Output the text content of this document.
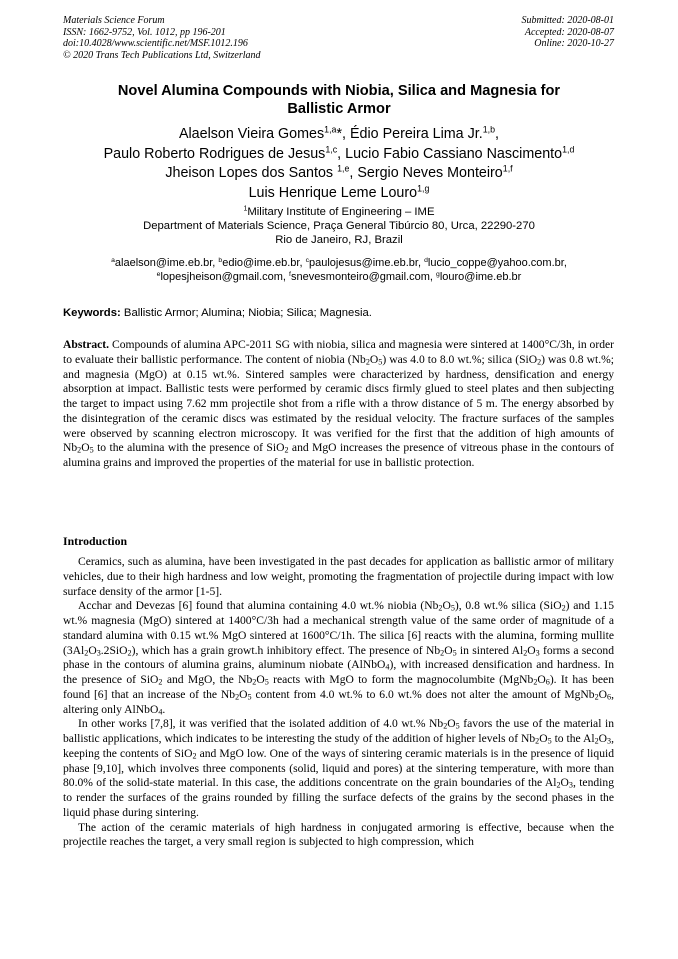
Materials Science Forum
ISSN: 1662-9752, Vol. 1012, pp 196-201
doi:10.4028/www.scientific.net/MSF.1012.196
© 2020 Trans Tech Publications Ltd, Switzerland
Submitted: 2020-08-01
Accepted: 2020-08-07
Online: 2020-10-27
Novel Alumina Compounds with Niobia, Silica and Magnesia for
Ballistic Armor
Alaelson Vieira Gomes$^{1,a}$*, Édio Pereira Lima Jr.$^{1,b}$,
Paulo Roberto Rodrigues de Jesus$^{1,c}$, Lucio Fabio Cassiano Nascimento$^{1,d}$
Jheison Lopes dos Santos $^{1,e}$, Sergio Neves Monteiro$^{1,f}$
Luis Henrique Leme Louro$^{1,g}$
$^1$Military Institute of Engineering – IME
Department of Materials Science, Praça General Tibúrcio 80, Urca, 22290-270
Rio de Janeiro, RJ, Brazil
$^a$alaelson@ime.eb.br, $^b$edio@ime.eb.br, $^c$paulojesus@ime.eb.br, $^d$lucio_coppe@yahoo.com.br,
$^e$lopesjheison@gmail.com, $^f$snevesmonteiro@gmail.com, $^g$louro@ime.eb.br
Keywords: Ballistic Armor; Alumina; Niobia; Silica; Magnesia.
Abstract. Compounds of alumina APC-2011 SG with niobia, silica and magnesia were sintered at 1400°C/3h, in order to evaluate their ballistic performance. The content of niobia $(Nb_2O_5)$ was 4.0 to 8.0 wt.%; silica (SiO$_2$) was 0.8 wt.%; and magnesia (MgO) at 0.15 wt.%. Sintered samples were characterized by hardness, densification and energy absorption at impact. Ballistic tests were performed by ceramic discs firmly glued to steel plates and then subjecting the target to impact using 7.62 mm projectile shot from a rifle with a throw distance of 5 m. The energy absorbed by the disintegration of the ceramic discs was estimated by the residual velocity. The fracture surfaces of the samples were observed by scanning electron microscopy. It was verified for the first that the addition of high amounts of $Nb_2O_5$ to the alumina with the presence of SiO$_2$ and MgO increases the presence of vitreous phase in the contours of alumina grains and improved the properties of the material for use in ballistic protection.
Introduction

Ceramics, such as alumina, have been investigated in the past decades for application as ballistic armor of military vehicles, due to their high hardness and low weight, promoting the fragmentation of projectile during impact with low surface density of the armor [1-5].

Acchar and Devezas [6] found that alumina containing 4.0 wt.% niobia $(Nb_2O_5)$, 0.8 wt.% silica (SiO$_2$) and 1.15 wt.% magnesia (MgO) sintered at 1400°C/3h had a mechanical strength value of the same order of magnitude of a standard alumina with 0.15 wt.% MgO sintered at 1600°C/1h. The silica [6] reacts with the alumina, forming mullite $(3Al_2O_3.2SiO_2)$, which has a grain growt.h inhibitory effect. The presence of $Nb_2O_5$ in sintered $Al_2O_3$ forms a second phase in the contours of alumina grains, aluminum niobate (AlNbO$_4$), with increased densification and hardness. In the presence of SiO$_2$ and MgO, the $Nb_2O_5$ reacts with MgO to form the magnocolumbite $(MgNb_2O_6)$. It has been found [6] that an increase of the $Nb_2O_5$ content from 4.0 wt.% to 6.0 wt.% does not alter the amount of $MgNb_2O_6$, altering only AlNbO$_4$.

In other works [7,8], it was verified that the isolated addition of 4.0 wt.% $Nb_2O_5$ favors the use of the material in ballistic applications, which indicates to be interesting the study of the addition of higher levels of $Nb_2O_5$ to the $Al_2O_3$, keeping the contents of SiO$_2$ and MgO low. One of the ways of sintering ceramic materials is in the presence of liquid phase [9,10], which involves three components (solid, liquid and pores) at the sintering temperature, with more than 80.0% of the solid-state material. In this case, the additions concentrate on the grain boundaries of the $Al_2O_3$, tending to render the surfaces of the grains rounded by filling the surface defects of the grains by the second phases in the liquid phase during sintering.

The action of the ceramic materials of high hardness in conjugated armoring is effective, because when the projectile reaches the target, a very small region is subjected to high compression, which
